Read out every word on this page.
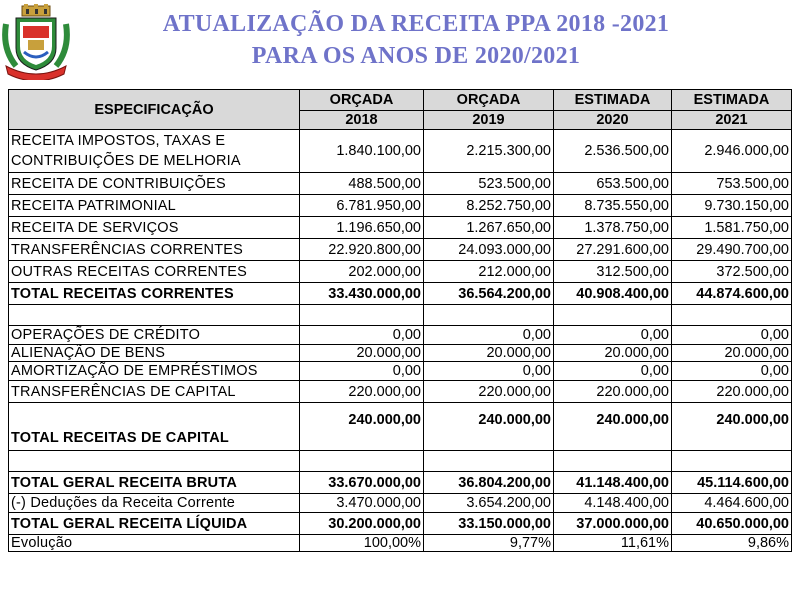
ATUALIZAÇÃO DA RECEITA PPA 2018 -2021
PARA OS ANOS DE 2020/2021
ESPECIFICAÇÃO	ORÇADA	ORÇADA	ESTIMADA	ESTIMADA
	2018	2019	2020	2021
RECEITA IMPOSTOS, TAXAS E CONTRIBUIÇÕES DE MELHORIA	1.840.100,00	2.215.300,00	2.536.500,00	2.946.000,00
RECEITA DE CONTRIBUIÇÕES	488.500,00	523.500,00	653.500,00	753.500,00
RECEITA PATRIMONIAL	6.781.950,00	8.252.750,00	8.735.550,00	9.730.150,00
RECEITA DE SERVIÇOS	1.196.650,00	1.267.650,00	1.378.750,00	1.581.750,00
TRANSFERÊNCIAS CORRENTES	22.920.800,00	24.093.000,00	27.291.600,00	29.490.700,00
OUTRAS RECEITAS CORRENTES	202.000,00	212.000,00	312.500,00	372.500,00
TOTAL RECEITAS CORRENTES	33.430.000,00	36.564.200,00	40.908.400,00	44.874.600,00

OPERAÇÕES DE CRÉDITO	0,00	0,00	0,00	0,00
ALIENAÇÃO DE BENS	20.000,00	20.000,00	20.000,00	20.000,00
AMORTIZAÇÃO DE EMPRÉSTIMOS	0,00	0,00	0,00	0,00
TRANSFERÊNCIAS DE CAPITAL	220.000,00	220.000,00	220.000,00	220.000,00
TOTAL RECEITAS DE CAPITAL	240.000,00	240.000,00	240.000,00	240.000,00

TOTAL GERAL RECEITA BRUTA	33.670.000,00	36.804.200,00	41.148.400,00	45.114.600,00
(-) Deduções da Receita Corrente	3.470.000,00	3.654.200,00	4.148.400,00	4.464.600,00
TOTAL GERAL RECEITA LÍQUIDA	30.200.000,00	33.150.000,00	37.000.000,00	40.650.000,00
Evolução	100,00%	9,77%	11,61%	9,86%
